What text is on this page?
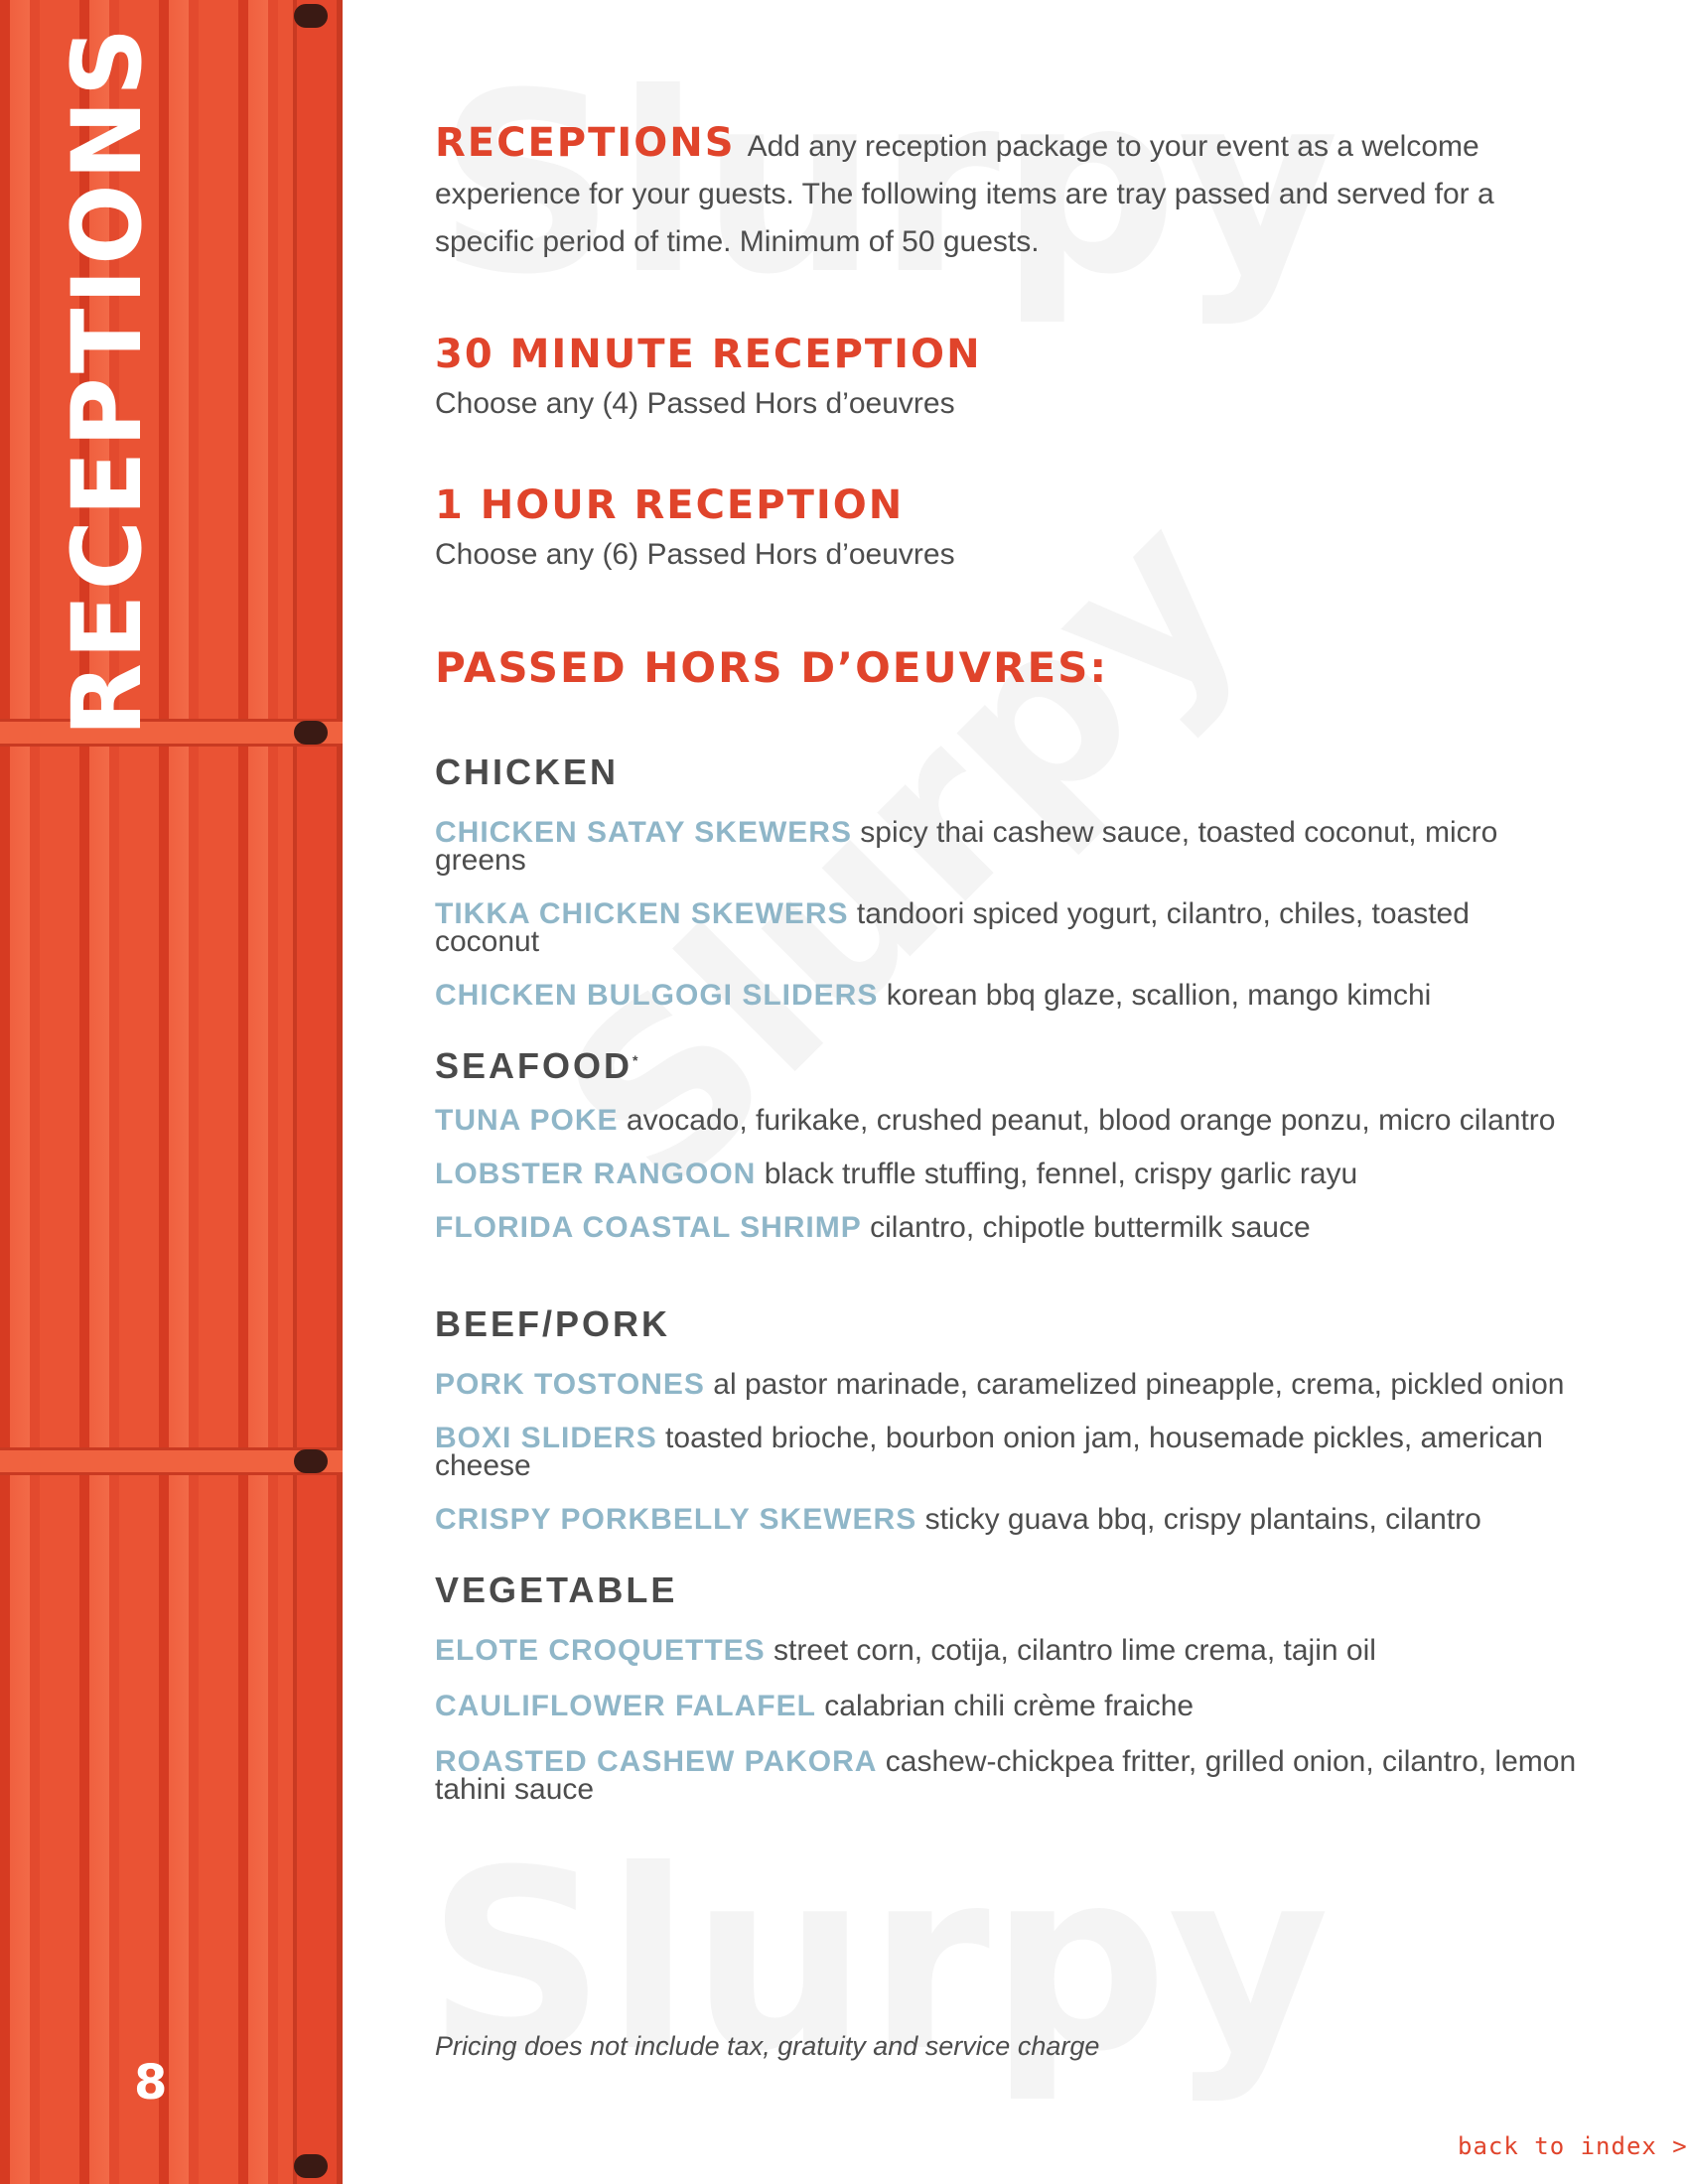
RECEPTIONS
8

RECEPTIONS Add any reception package to your event as a welcome experience for your guests. The following items are tray passed and served for a specific period of time. Minimum of 50 guests.

30 MINUTE RECEPTION

Choose any (4) Passed Hors d’oeuvres

1 HOUR RECEPTION

Choose any (6) Passed Hors d’oeuvres

PASSED HORS D’OEUVRES:
CHICKEN

CHICKEN SATAY SKEWERS spicy thai cashew sauce, toasted coconut, micro greens

TIKKA CHICKEN SKEWERS tandoori spiced yogurt, cilantro, chiles, toasted coconut

CHICKEN BULGOGI SLIDERS korean bbq glaze, scallion, mango kimchi

SEAFOOD*

TUNA POKE avocado, furikake, crushed peanut, blood orange ponzu, micro cilantro

LOBSTER RANGOON black truffle stuffing, fennel, crispy garlic rayu

FLORIDA COASTAL SHRIMP cilantro, chipotle buttermilk sauce

BEEF/PORK

PORK TOSTONES al pastor marinade, caramelized pineapple, crema, pickled onion

BOXI SLIDERS toasted brioche, bourbon onion jam, housemade pickles, american cheese

CRISPY PORKBELLY SKEWERS sticky guava bbq, crispy plantains, cilantro

VEGETABLE

ELOTE CROQUETTES street corn, cotija, cilantro lime crema, tajin oil

CAULIFLOWER FALAFEL calabrian chili crème fraiche

ROASTED CASHEW PAKORA cashew-chickpea fritter, grilled onion, cilantro, lemon tahini sauce

Pricing does not include tax, gratuity and service charge
back to index >
